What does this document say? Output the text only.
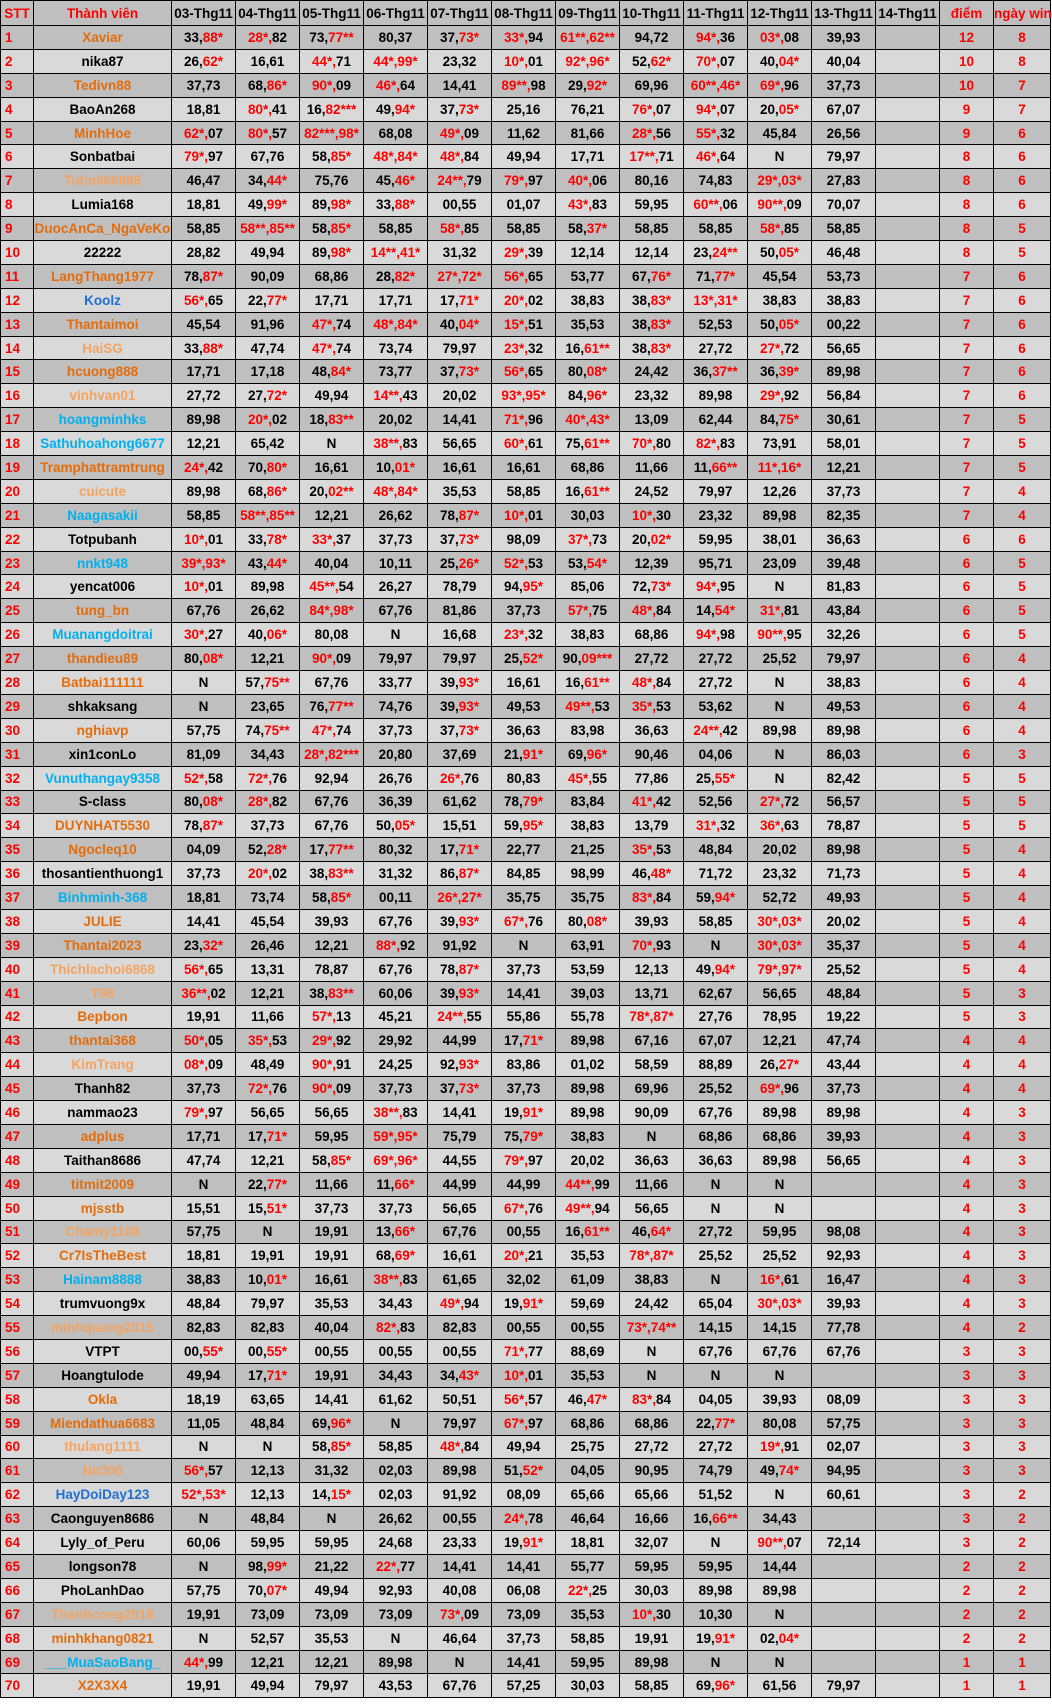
STT	Thành viên	03-Thg11	04-Thg11	05-Thg11	06-Thg11	07-Thg11	08-Thg11	09-Thg11	10-Thg11	11-Thg11	12-Thg11	13-Thg11	14-Thg11	điểm	ngày win
1	Xaviar	33,88*	28*,82	73,77**	80,37	37,73*	33*,94	61**,62**	94,72	94*,36	03*,08	39,93		12	8
2	nika87	26,62*	16,61	44*,71	44*,99*	23,32	10*,01	92*,96*	52,62*	70*,07	40,04*	40,04		10	8
3	Tedivn88	37,73	68,86*	90*,09	46*,64	14,41	89**,98	29,92*	69,96	60**,46*	69*,96	37,73		10	7
4	BaoAn268	18,81	80*,41	16,82***	49,94*	37,73*	25,16	76,21	76*,07	94*,07	20,05*	67,07		9	7
5	MinhHoe	62*,07	80*,57	82***,98*	68,08	49*,09	11,62	81,66	28*,56	55*,32	45,84	26,56		9	6
6	Sonbatbai	79*,97	67,76	58,85*	48*,84*	48*,84	49,94	17,71	17**,71	46*,64	N	79,97		8	6
7	Tutin666888	46,47	34,44*	75,76	45,46*	24**,79	79*,97	40*,06	80,16	74,83	29*,03*	27,83		8	6
8	Lumia168	18,81	49,99*	89,98*	33,88*	00,55	01,07	43*,83	59,95	60**,06	90**,09	70,07		8	6
9	DuocAnCa_NgaVeKo	58,85	58**,85**	58,85*	58,85	58*,85	58,85	58,37*	58,85	58,85	58*,85	58,85		8	5
10	22222	28,82	49,94	89,98*	14**,41*	31,32	29*,39	12,14	12,14	23,24**	50,05*	46,48		8	5
11	LangThang1977	78,87*	90,09	68,86	28,82*	27*,72*	56*,65	53,77	67,76*	71,77*	45,54	53,73		7	6
12	Koolz	56*,65	22,77*	17,71	17,71	17,71*	20*,02	38,83	38,83*	13*,31*	38,83	38,83		7	6
13	Thantaimoi	45,54	91,96	47*,74	48*,84*	40,04*	15*,51	35,53	38,83*	52,53	50,05*	00,22		7	6
14	HaiSG	33,88*	47,74	47*,74	73,74	79,97	23*,32	16,61**	38,83*	27,72	27*,72	56,65		7	6
15	hcuong888	17,71	17,18	48,84*	73,77	37,73*	56*,65	80,08*	24,42	36,37**	36,39*	89,98		7	6
16	vinhvan01	27,72	27,72*	49,94	14**,43	20,02	93*,95*	84,96*	23,32	89,98	29*,92	56,84		7	6
17	hoangminhks	89,98	20*,02	18,83**	20,02	14,41	71*,96	40*,43*	13,09	62,44	84,75*	30,61		7	5
18	Sathuhoahong6677	12,21	65,42	N	38**,83	56,65	60*,61	75,61**	70*,80	82*,83	73,91	58,01		7	5
19	Tramphattramtrung	24*,42	70,80*	16,61	10,01*	16,61	16,61	68,86	11,66	11,66**	11*,16*	12,21		7	5
20	cuicute	89,98	68,86*	20,02**	48*,84*	35,53	58,85	16,61**	24,52	79,97	12,26	37,73		7	4
21	Naagasakii	58,85	58**,85**	12,21	26,62	78,87*	10*,01	30,03	10*,30	23,32	89,98	82,35		7	4
22	Totpubanh	10*,01	33,78*	33*,37	37,73	37,73*	98,09	37*,73	20,02*	59,95	38,01	36,63		6	6
23	nnkt948	39*,93*	43,44*	40,04	10,11	25,26*	52*,53	53,54*	12,39	95,71	23,09	39,48		6	5
24	yencat006	10*,01	89,98	45**,54	26,27	78,79	94,95*	85,06	72,73*	94*,95	N	81,83		6	5
25	tung_bn	67,76	26,62	84*,98*	67,76	81,86	37,73	57*,75	48*,84	14,54*	31*,81	43,84		6	5
26	Muanangdoitrai	30*,27	40,06*	80,08	N	16,68	23*,32	38,83	68,86	94*,98	90**,95	32,26		6	5
27	thandieu89	80,08*	12,21	90*,09	79,97	79,97	25,52*	90,09***	27,72	27,72	25,52	79,97		6	4
28	Batbai111111	N	57,75**	67,76	33,77	39,93*	16,61	16,61**	48*,84	27,72	N	38,83		6	4
29	shkaksang	N	23,65	76,77**	74,76	39,93*	49,53	49**,53	35*,53	53,62	N	49,53		6	4
30	nghiavp	57,75	74,75**	47*,74	37,73	37,73*	36,63	83,98	36,63	24**,42	89,98	89,98		6	4
31	xin1conLo	81,09	34,43	28*,82***	20,80	37,69	21,91*	69,96*	90,46	04,06	N	86,03		6	3
32	Vunuthangay9358	52*,58	72*,76	92,94	26,76	26*,76	80,83	45*,55	77,86	25,55*	N	82,42		5	5
33	S-class	80,08*	28*,82	67,76	36,39	61,62	78,79*	83,84	41*,42	52,56	27*,72	56,57		5	5
34	DUYNHAT5530	78,87*	37,73	67,76	50,05*	15,51	59,95*	38,83	13,79	31*,32	36*,63	78,87		5	5
35	Ngocleq10	04,09	52,28*	17,77**	80,32	17,71*	22,77	21,25	35*,53	48,84	20,02	89,98		5	4
36	thosantienthuong1	37,73	20*,02	38,83**	31,32	86,87*	84,85	98,99	46,48*	71,72	23,32	71,73		5	4
37	Binhminh-368	18,81	73,74	58,85*	00,11	26*,27*	35,75	35,75	83*,84	59,94*	52,72	49,93		5	4
38	JULIE	14,41	45,54	39,93	67,76	39,93*	67*,76	80,08*	39,93	58,85	30*,03*	20,02		5	4
39	Thantai2023	23,32*	26,46	12,21	88*,92	91,92	N	63,91	70*,93	N	30*,03*	35,37		5	4
40	Thichlachoi6868	56*,65	13,31	78,87	67,76	78,87*	37,73	53,59	12,13	49,94*	79*,97*	25,52		5	4
41	T98	36**,02	12,21	38,83**	60,06	39,93*	14,41	39,03	13,71	62,67	56,65	48,84		5	3
42	Bepbon	19,91	11,66	57*,13	45,21	24**,55	55,86	55,78	78*,87*	27,76	78,95	19,22		5	3
43	thantai368	50*,05	35*,53	29*,92	29,92	44,99	17,71*	89,98	67,16	67,07	12,21	47,74		4	4
44	KimTrang	08*,09	48,49	90*,91	24,25	92,93*	83,86	01,02	58,59	88,89	26,27*	43,44		4	4
45	Thanh82	37,73	72*,76	90*,09	37,73	37,73*	37,73	89,98	69,96	25,52	69*,96	37,73		4	4
46	nammao23	79*,97	56,65	56,65	38**,83	14,41	19,91*	89,98	90,09	67,76	89,98	89,98		4	3
47	adplus	17,71	17,71*	59,95	59*,95*	75,79	75,79*	38,83	N	68,86	68,86	39,93		4	3
48	Taithan8686	47,74	12,21	58,85*	69*,96*	44,55	79*,97	20,02	36,63	36,63	89,98	56,65		4	3
49	titmit2009	N	22,77*	11,66	11,66*	44,99	44,99	44**,99	11,66	N	N			4	3
50	mjsstb	15,51	15,51*	37,73	37,73	56,65	67*,76	49**,94	56,65	N	N			4	3
51	Chamy1108	57,75	N	19,91	13,66*	67,76	00,55	16,61**	46,64*	27,72	59,95	98,08		4	3
52	Cr7IsTheBest	18,81	19,91	19,91	68,69*	16,61	20*,21	35,53	78*,87*	25,52	25,52	92,93		4	3
53	Hainam8888	38,83	10,01*	16,61	38**,83	61,65	32,02	61,09	38,83	N	16*,61	16,47		4	3
54	trumvuong9x	48,84	79,97	35,53	34,43	49*,94	19,91*	59,69	24,42	65,04	30*,03*	39,93		4	3
55	minhquang2015	82,83	82,83	40,04	82*,83	82,83	00,55	00,55	73*,74**	14,15	14,15	77,78		4	2
56	VTPT	00,55*	00,55*	00,55	00,55	00,55	71*,77	88,69	N	67,76	67,76	67,76		3	3
57	Hoangtulode	49,94	17,71*	19,91	34,43	34,43*	10*,01	35,53	N	N	N			3	3
58	Okla	18,19	63,65	14,41	61,62	50,51	56*,57	46,47*	83*,84	04,05	39,93	08,09		3	3
59	Miendathua6683	11,05	48,84	69,96*	N	79,97	67*,97	68,86	68,86	22,77*	80,08	57,75		3	3
60	thulang1111	N	N	58,85*	58,85	48*,84	49,94	25,75	27,72	27,72	19*,91	02,07		3	3
61	Nn300	56*,57	12,13	31,32	02,03	89,98	51,52*	04,05	90,95	74,79	49,74*	94,95		3	3
62	HayDoiDay123	52*,53*	12,13	14,15*	02,03	91,92	08,09	65,66	65,66	51,52	N	60,61		3	2
63	Caonguyen8686	N	48,84	N	26,62	00,55	24*,78	46,64	16,66	16,66**	34,43			3	2
64	Lyly_of_Peru	60,06	59,95	59,95	24,68	23,33	19,91*	18,81	32,07	N	90**,07	72,14		3	2
65	longson78	N	98,99*	21,22	22*,77	14,41	14,41	55,77	59,95	59,95	14,44			2	2
66	PhoLanhDao	57,75	70,07*	49,94	92,93	40,08	06,08	22*,25	30,03	89,98	89,98			2	2
67	Thanhcong2018	19,91	73,09	73,09	73,09	73*,09	73,09	35,53	10*,30	10,30	N			2	2
68	minhkhang0821	N	52,57	35,53	N	46,64	37,73	58,85	19,91	19,91*	02,04*			2	2
69	___MuaSaoBang_	44*,99	12,21	12,21	89,98	N	14,41	59,95	89,98	N	N			1	1
70	X2X3X4	19,91	49,94	79,97	43,53	67,76	57,25	30,03	58,85	69,96*	61,56	79,97		1	1
